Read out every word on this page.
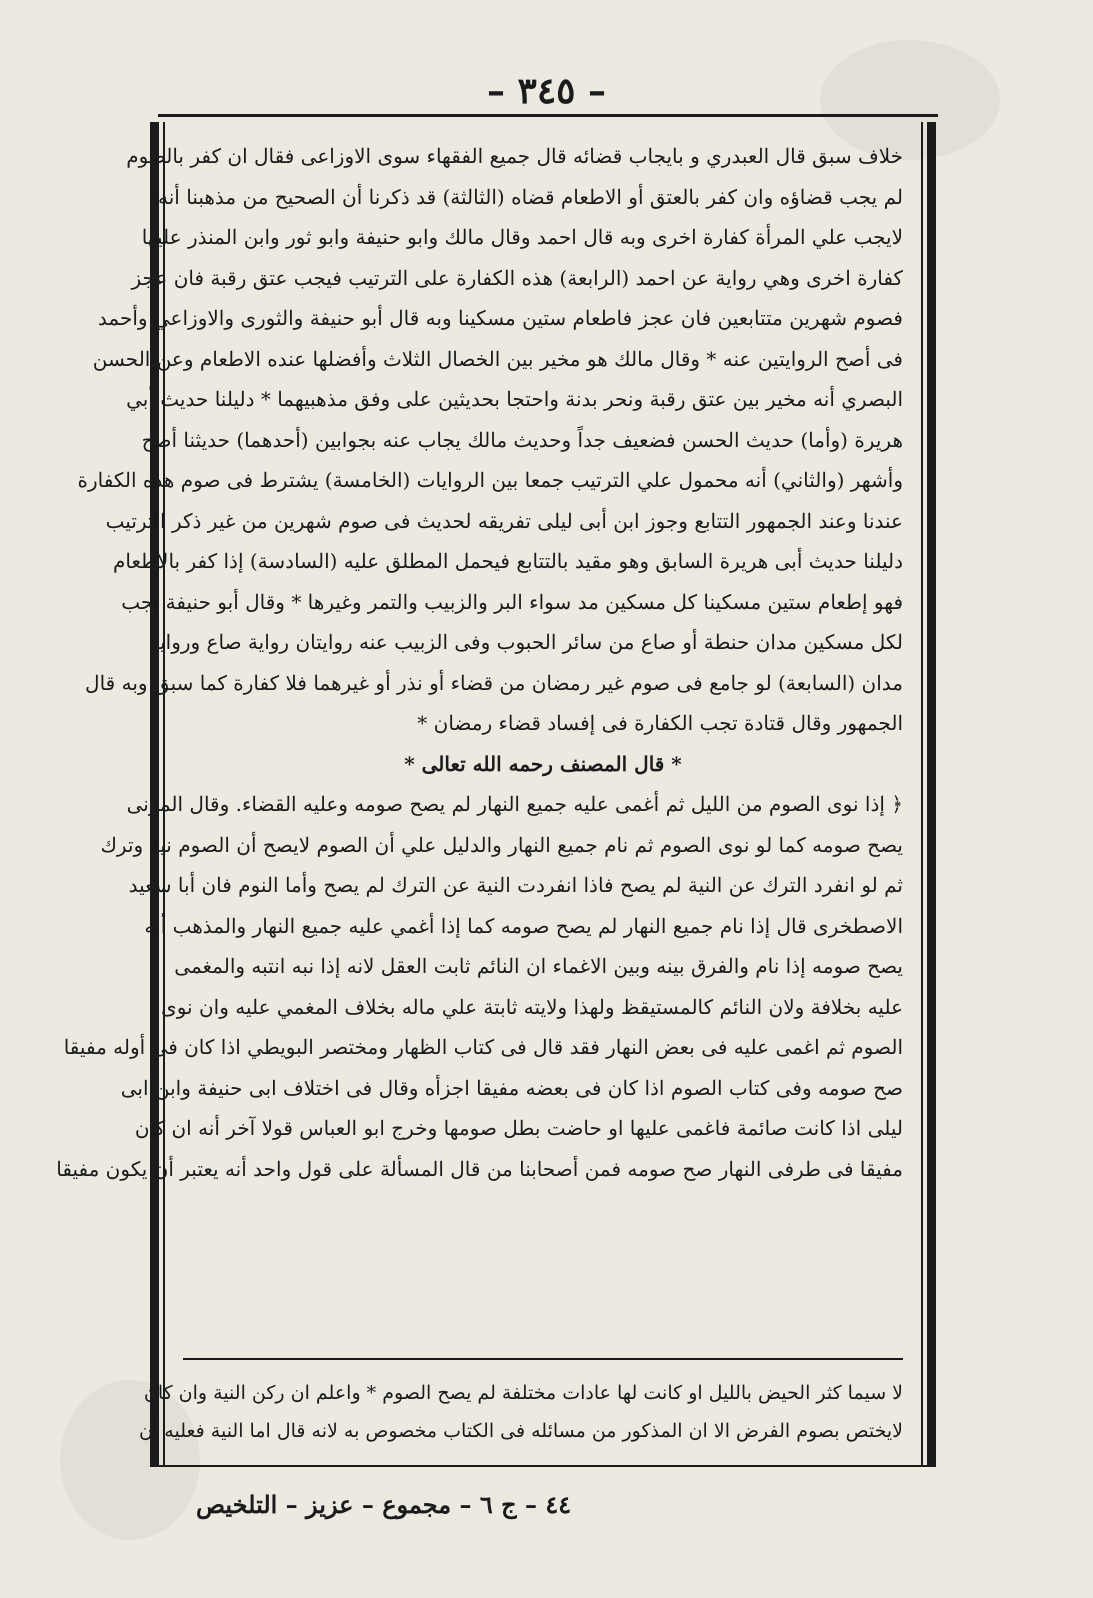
– ٣٤٥ –
خلاف سبق قال العبدري و بايجاب قضائه قال جميع الفقهاء سوى الاوزاعى فقال ان كفر بالصوم
لم يجب قضاؤه وان كفر بالعتق أو الاطعام قضاه (الثالثة) قد ذكرنا أن الصحيح من مذهبنا أنه
لايجب علي المرأة كفارة اخرى وبه قال احمد وقال مالك وابو حنيفة وابو ثور وابن المنذر عليها
كفارة اخرى وهي رواية عن احمد (الرابعة) هذه الكفارة على الترتيب فيجب عتق رقبة فان عجز
فصوم شهرين متتابعين فان عجز فاطعام ستين مسكينا وبه قال أبو حنيفة والثورى والاوزاعي وأحمد
فى أصح الروايتين عنه * وقال مالك هو مخير بين الخصال الثلاث وأفضلها عنده الاطعام وعن الحسن
البصري أنه مخير بين عتق رقبة ونحر بدنة واحتجا بحديثين على وفق مذهبيهما * دليلنا حديث أبي
هريرة (وأما) حديث الحسن فضعيف جداً وحديث مالك يجاب عنه بجوابين (أحدهما) حديثنا أصح
وأشهر (والثاني) أنه محمول علي الترتيب جمعا بين الروايات (الخامسة) يشترط فى صوم هذه الكفارة
عندنا وعند الجمهور التتابع وجوز ابن أبى ليلى تفريقه لحديث فى صوم شهرين من غير ذكر الترتيب
دليلنا حديث أبى هريرة السابق وهو مقيد بالتتابع فيحمل المطلق عليه (السادسة) إذا كفر بالاطعام
فهو إطعام ستين مسكينا كل مسكين مد سواء البر والزبيب والتمر وغيرها * وقال أبو حنيفة يجب
لكل مسكين مدان حنطة أو صاع من سائر الحبوب وفى الزبيب عنه روايتان رواية صاع ورواية
مدان (السابعة) لو جامع فى صوم غير رمضان من قضاء أو نذر أو غيرهما فلا كفارة كما سبق وبه قال
الجمهور وقال قتادة تجب الكفارة فى إفساد قضاء رمضان *
* قال المصنف رحمه الله تعالى *
﴿ إذا نوى الصوم من الليل ثم أغمى عليه جميع النهار لم يصح صومه وعليه القضاء. وقال المزنى
يصح صومه كما لو نوى الصوم ثم نام جميع النهار والدليل علي أن الصوم لايصح أن الصوم نية وترك
ثم لو انفرد الترك عن النية لم يصح فاذا انفردت النية عن الترك لم يصح وأما النوم فان أبا سعيد
الاصطخرى قال إذا نام جميع النهار لم يصح صومه كما إذا أغمي عليه جميع النهار والمذهب أنه
يصح صومه إذا نام والفرق بينه وبين الاغماء ان النائم ثابت العقل لانه إذا نبه انتبه والمغمى
عليه بخلافة ولان النائم كالمستيقظ ولهذا ولايته ثابتة علي ماله بخلاف المغمي عليه وان نوى
الصوم ثم اغمى عليه فى بعض النهار فقد قال فى كتاب الظهار ومختصر البويطي اذا كان فى أوله مفيقا
صح صومه وفى كتاب الصوم اذا كان فى بعضه مفيقا اجزأه وقال فى اختلاف ابى حنيفة وابن ابى
ليلى اذا كانت صائمة فاغمى عليها او حاضت بطل صومها وخرج ابو العباس قولا آخر أنه ان كان
مفيقا فى طرفى النهار صح صومه فمن أصحابنا من قال المسألة على قول واحد أنه يعتبر أن يكون مفيقا
لا سيما كثر الحيض بالليل او كانت لها عادات مختلفة لم يصح الصوم * واعلم ان ركن النية وان كان
لايختص بصوم الفرض الا ان المذكور من مسائله فى الكتاب مخصوص به لانه قال اما النية فعليه أن
٤٤ – ج ٦ – مجموع – عزيز – التلخيص
